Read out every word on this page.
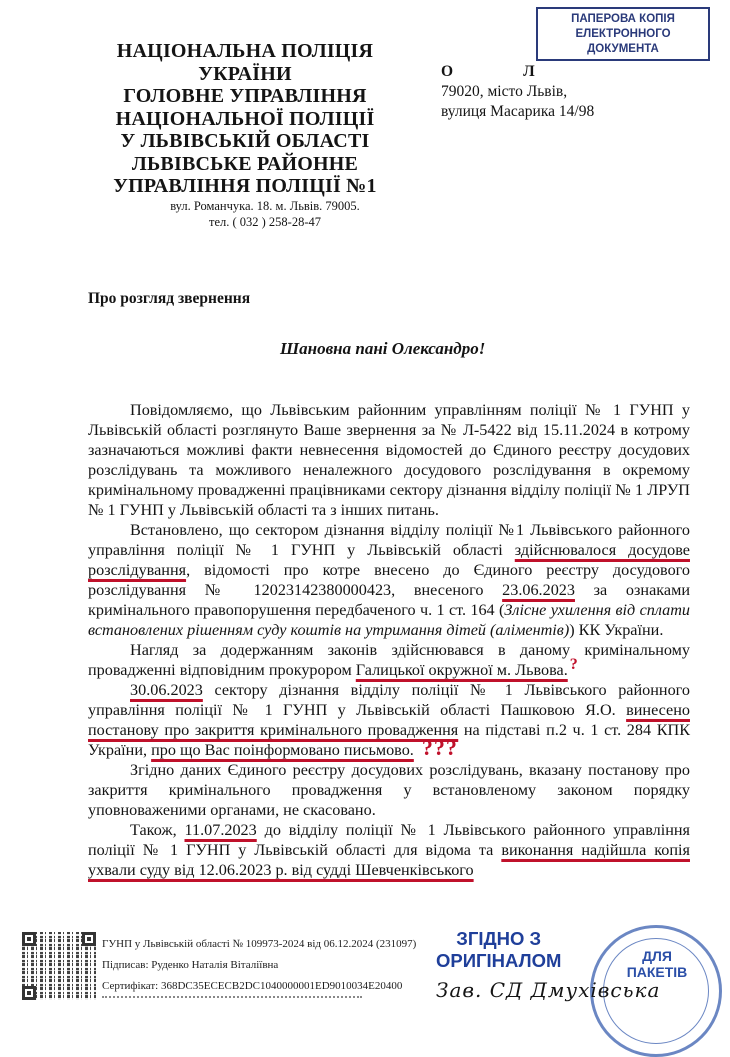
ПАПЕРОВА КОПІЯ
ЕЛЕКТРОННОГО
ДОКУМЕНТА
НАЦІОНАЛЬНА ПОЛІЦІЯ
УКРАЇНИ
ГОЛОВНЕ УПРАВЛІННЯ
НАЦІОНАЛЬНОЇ ПОЛІЦІЇ
У ЛЬВІВСЬКІЙ ОБЛАСТІ
ЛЬВІВСЬКЕ РАЙОННЕ
УПРАВЛІННЯ ПОЛІЦІЇ №1
вул. Романчука. 18. м. Львів. 79005.
тел. ( 032 ) 258-28-47
О	Л
79020, місто Львів,
вулиця Масарика 14/98
Про розгляд звернення
Шановна пані Олександро!

Повідомляємо, що Львівським районним управлінням поліції № 1 ГУНП у Львівській області розглянуто Ваше звернення за № Л-5422 від 15.11.2024 в котрому зазначаються можливі факти невнесення відомостей до Єдиного реєстру досудових розслідувань та можливого неналежного досудового розслідування в окремому кримінальному провадженні працівниками сектору дізнання відділу поліції № 1 ЛРУП № 1 ГУНП у Львівській області та з інших питань.

Встановлено, що сектором дізнання відділу поліції №1 Львівського районного управління поліції № 1 ГУНП у Львівській області здійснювалося досудове розслідування, відомості про котре внесено до Єдиного реєстру досудового розслідування № 12023142380000423, внесеного 23.06.2023 за ознаками кримінального правопорушення передбаченого ч. 1 ст. 164 (Злісне ухилення від сплати встановлених рішенням суду коштів на утримання дітей (аліментів)) КК України.

Нагляд за додержанням законів здійснювався в даному кримінальному провадженні відповідним прокурором Галицької окружної м. Львова. ?

30.06.2023 сектору дізнання відділу поліції № 1 Львівського районного управління поліції № 1 ГУНП у Львівській області Пашковою Я.О. винесено постанову про закриття кримінального провадження на підставі п.2 ч. 1 ст. 284 КПК України, про що Вас поінформовано письмово. ???

Згідно даних Єдиного реєстру досудових розслідувань, вказану постанову про закриття кримінального провадження у встановленому законом порядку уповноваженими органами, не скасовано.

Також, 11.07.2023 до відділу поліції № 1 Львівського районного управління поліції № 1 ГУНП у Львівській області для відома та виконання надійшла копія ухвали суду від 12.06.2023 р. від судді Шевченківського

ГУНП у Львівській області № 109973-2024 від 06.12.2024 (231097)
Підписав: Руденко Наталія Віталіївна
Сертифікат: 368DC35ECECB2DC1040000001ED9010034E20400
ДЛЯ ПАКЕТІВ
ЗГІДНО З
ОРИГІНАЛОМ
Зав. СД Дмухівська
